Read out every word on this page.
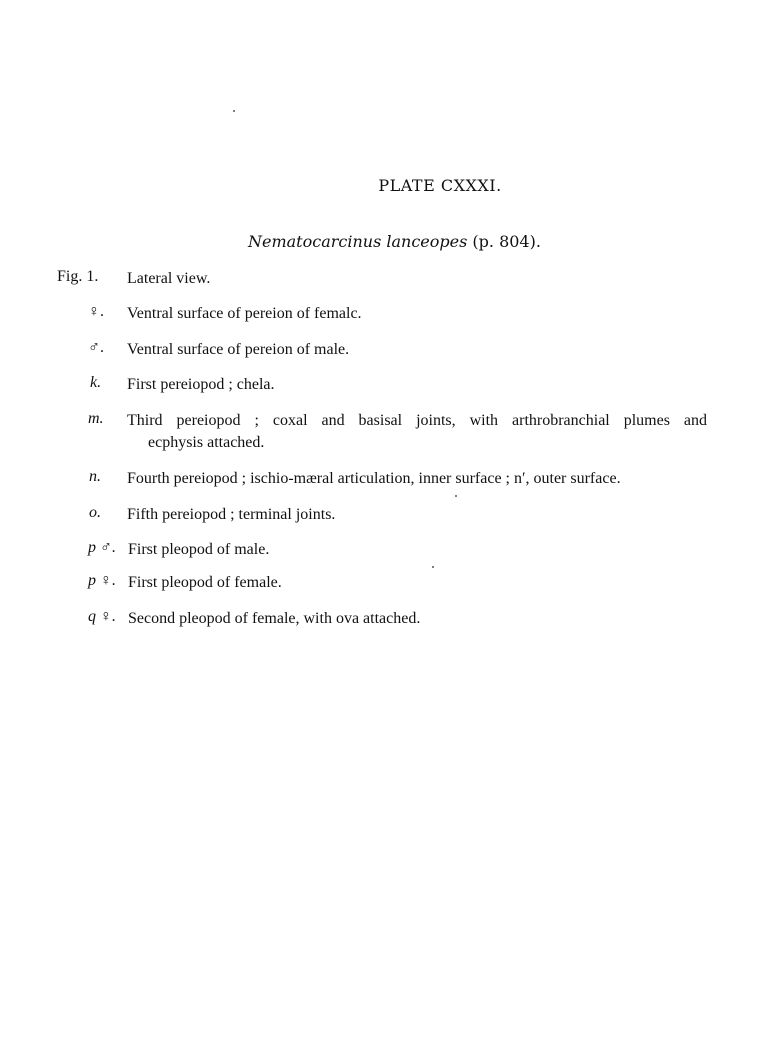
PLATE CXXXI.
Nematocarcinus lanceopes (p. 804).
Fig. 1. Lateral view.
♀. Ventral surface of pereion of femalc.
♂. Ventral surface of pereion of male.
k. First pereiopod ; chela.
m. Third pereiopod ; coxal and basisal joints, with arthrobranchial plumes and
ecphysis attached.
n. Fourth pereiopod ; ischio-mæral articulation, inner surface ; n′, outer surface.
o. Fifth pereiopod ; terminal joints.
p ♂. First pleopod of male.
p ♀. First pleopod of female.
q ♀. Second pleopod of female, with ova attached.
